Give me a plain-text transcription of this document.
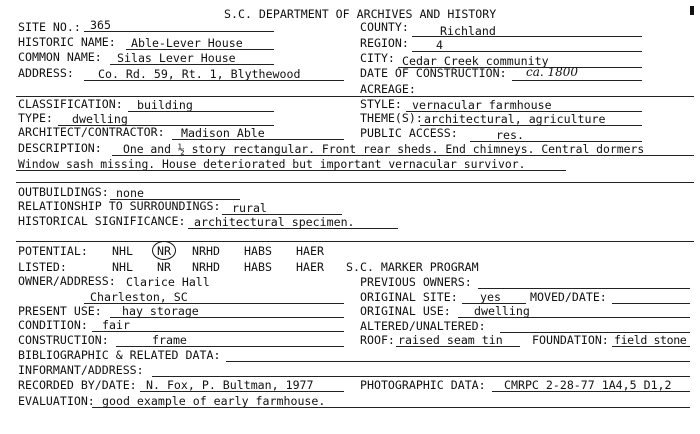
S.C. DEPARTMENT OF ARCHIVES AND HISTORY
SITE NO.: 365	COUNTY:	Richland
HISTORIC NAME: Able-Lever House	REGION: 4
COMMON NAME: Silas Lever House	CITY: Cedar Creek community
ADDRESS: Co. Rd. 59, Rt. 1, Blythewood	DATE OF CONSTRUCTION: ca. 1800
ACREAGE:
CLASSIFICATION: building	STYLE: vernacular farmhouse
TYPE: dwelling	THEME(S): architectural, agriculture
ARCHITECT/CONTRACTOR: Madison Able	PUBLIC ACCESS:	res.
DESCRIPTION: One and ½ story rectangular. Front rear sheds. End chimneys. Central dormers
Window sash missing. House deteriorated but important vernacular survivor.
OUTBUILDINGS: none
RELATIONSHIP TO SURROUNDINGS: rural
HISTORICAL SIGNIFICANCE: architectural specimen.
POTENTIAL: NHL NR NRHD HABS HAER
LISTED:	NHL NR NRHD HABS HAER S.C. MARKER PROGRAM
OWNER/ADDRESS: Clarice Hall
Charleston, SC
PREVIOUS OWNERS:
ORIGINAL SITE: yes	MOVED/DATE:
PRESENT USE: hay storage	ORIGINAL USE: dwelling
CONDITION: fair	ALTERED/UNALTERED:
CONSTRUCTION:	frame	ROOF: raised seam tin	FOUNDATION: field stone
BIBLIOGRAPHIC & RELATED DATA:
INFORMANT/ADDRESS:
RECORDED BY/DATE: N. Fox, P. Bultman, 1977	PHOTOGRAPHIC DATA: CMRPC 2-28-77 1A4,5 D1,2
EVALUATION: good example of early farmhouse.
